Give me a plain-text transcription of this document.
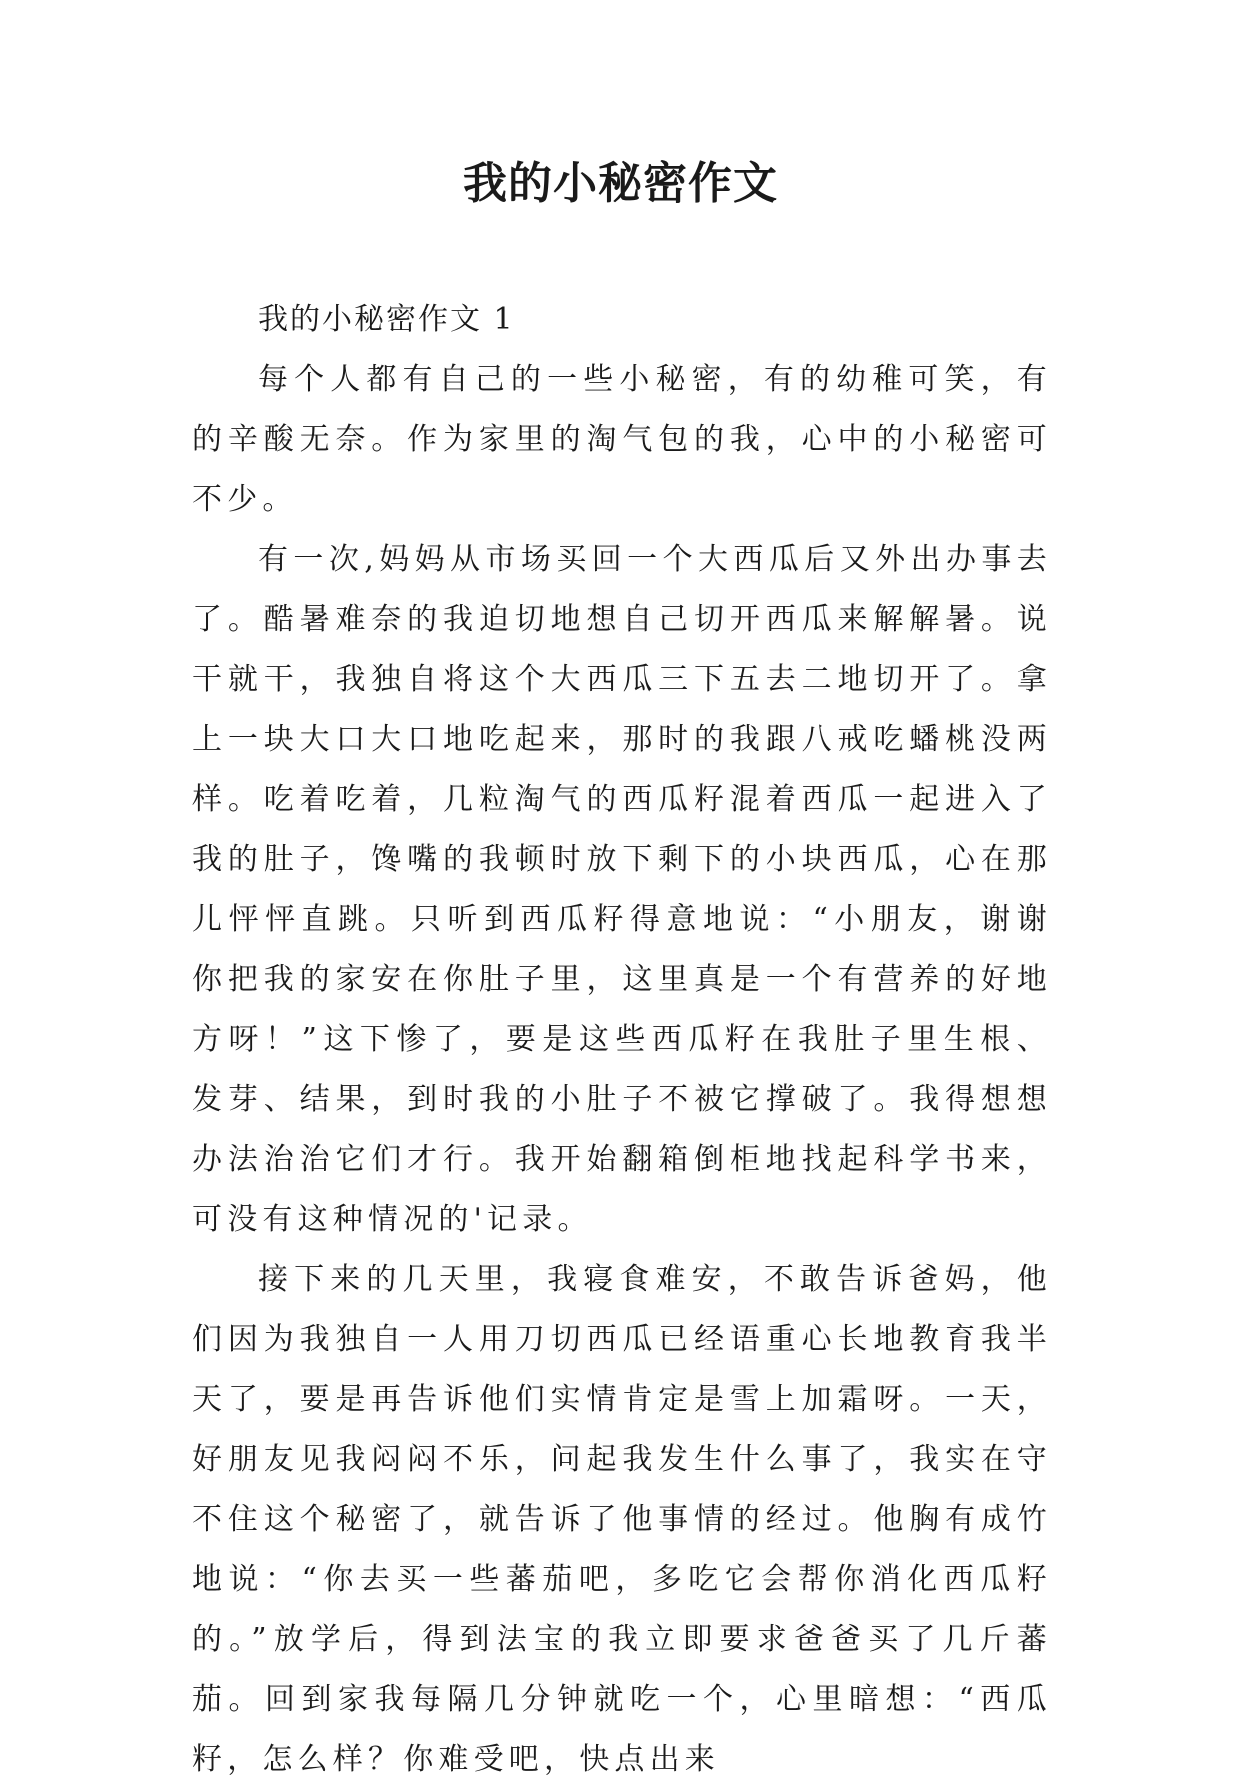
我的小秘密作文

我的小秘密作文 1

每个人都有自己的一些小秘密，有的幼稚可笑，有的辛酸无奈。作为家里的淘气包的我，心中的小秘密可不少。

有一次,妈妈从市场买回一个大西瓜后又外出办事去了。酷暑难奈的我迫切地想自己切开西瓜来解解暑。说干就干，我独自将这个大西瓜三下五去二地切开了。拿上一块大口大口地吃起来，那时的我跟八戒吃蟠桃没两样。吃着吃着，几粒淘气的西瓜籽混着西瓜一起进入了我的肚子，馋嘴的我顿时放下剩下的小块西瓜，心在那儿怦怦直跳。只听到西瓜籽得意地说：“小朋友，谢谢你把我的家安在你肚子里，这里真是一个有营养的好地方呀！”这下惨了，要是这些西瓜籽在我肚子里生根、发芽、结果，到时我的小肚子不被它撑破了。我得想想办法治治它们才行。我开始翻箱倒柜地找起科学书来，可没有这种情况的'记录。

接下来的几天里，我寝食难安，不敢告诉爸妈，他们因为我独自一人用刀切西瓜已经语重心长地教育我半天了，要是再告诉他们实情肯定是雪上加霜呀。一天，好朋友见我闷闷不乐，问起我发生什么事了，我实在守不住这个秘密了，就告诉了他事情的经过。他胸有成竹地说：“你去买一些蕃茄吧，多吃它会帮你消化西瓜籽的。”放学后，得到法宝的我立即要求爸爸买了几斤蕃茄。回到家我每隔几分钟就吃一个，心里暗想：“西瓜籽，怎么样？你难受吧，快点出来
